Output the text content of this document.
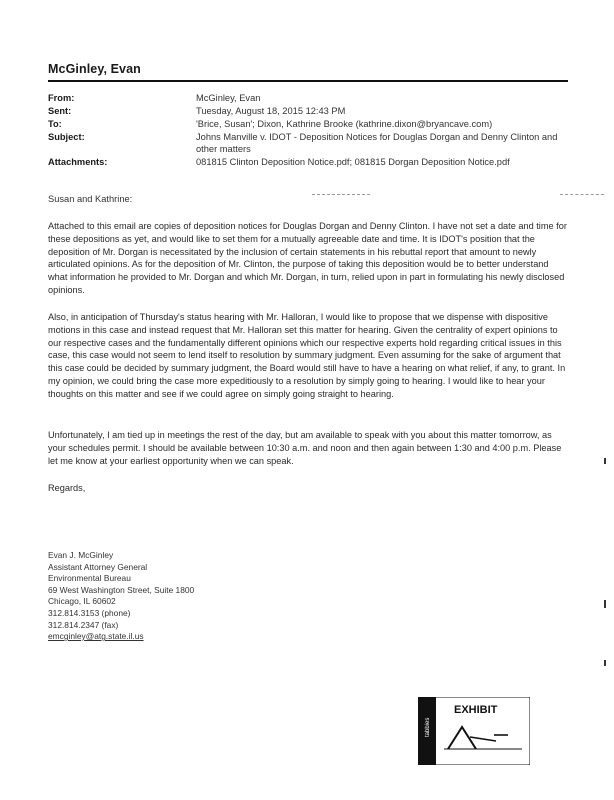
McGinley, Evan
From:	McGinley, Evan
Sent:	Tuesday, August 18, 2015 12:43 PM
To:	'Brice, Susan'; Dixon, Kathrine Brooke (kathrine.dixon@bryancave.com)
Subject:	Johns Manville v. IDOT - Deposition Notices for Douglas Dorgan and Denny Clinton and
other matters
Attachments:	081815 Clinton Deposition Notice.pdf; 081815 Dorgan Deposition Notice.pdf
Susan and Kathrine:

Attached to this email are copies of deposition notices for Douglas Dorgan and Denny Clinton. I have not set a date and time for these depositions as yet, and would like to set them for a mutually agreeable date and time. It is IDOT's position that the deposition of Mr. Dorgan is necessitated by the inclusion of certain statements in his rebuttal report that amount to newly articulated opinions. As for the deposition of Mr. Clinton, the purpose of taking this deposition would be to better understand what information he provided to Mr. Dorgan and which Mr. Dorgan, in turn, relied upon in part in formulating his newly disclosed opinions.

Also, in anticipation of Thursday's status hearing with Mr. Halloran, I would like to propose that we dispense with dispositive motions in this case and instead request that Mr. Halloran set this matter for hearing. Given the centrality of expert opinions to our respective cases and the fundamentally different opinions which our respective experts hold regarding critical issues in this case, this case would not seem to lend itself to resolution by summary judgment. Even assuming for the sake of argument that this case could be decided by summary judgment, the Board would still have to have a hearing on what relief, if any, to grant. In my opinion, we could bring the case more expeditiously to a resolution by simply going to hearing. I would like to hear your thoughts on this matter and see if we could agree on simply going straight to hearing.

Unfortunately, I am tied up in meetings the rest of the day, but am available to speak with you about this matter tomorrow, as your schedules permit. I should be available between 10:30 a.m. and noon and then again between 1:30 and 4:00 p.m. Please let me know at your earliest opportunity when we can speak.

Regards,
Evan J. McGinley
Assistant Attorney General
Environmental Bureau
69 West Washington Street, Suite 1800
Chicago, IL 60602
312.814.3153 (phone)
312.814.2347 (fax)
emcginley@atg.state.il.us
tabbies
EXHIBIT
